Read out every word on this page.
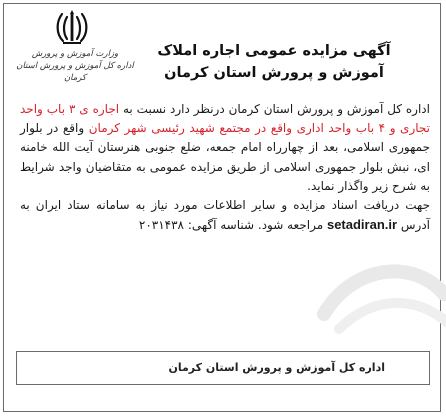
وزارت آموزش و پرورش
اداره کل آموزش و پرورش استان کرمان
آگهی مزایده عمومی اجاره املاک
آموزش و پرورش استان کرمان
اداره کل آموزش و پرورش استان کرمان درنظر دارد نسبت به اجاره ی ۳ باب واحد تجاری و ۴ باب واحد اداری واقع در مجتمع شهید رئیسی شهر کرمان واقع در بلوار جمهوری اسلامی، بعد از چهارراه امام جمعه، ضلع جنوبی هنرستان آیت الله خامنه ای، نبش بلوار جمهوری اسلامی از طریق مزایده عمومی به متقاضیان واجد شرایط به شرح زیر واگذار نماید.
جهت دریافت اسناد مزایده و سایر اطلاعات مورد نیاز به سامانه ستاد ایران به آدرس setadiran.ir مراجعه شود. شناسه آگهی: ۲۰۳۱۴۳۸
اداره کل آموزش و پرورش استان کرمان
